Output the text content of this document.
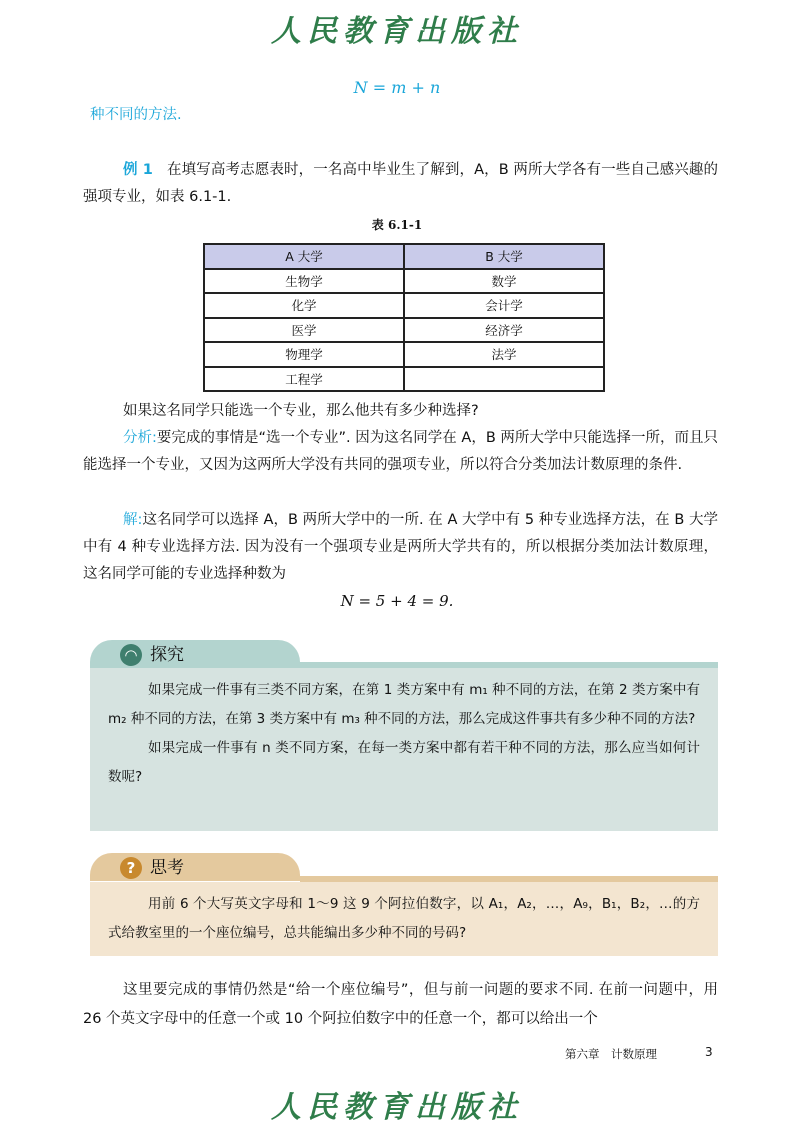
人民教育出版社
N = m + n
种不同的方法.
例 1 在填写高考志愿表时，一名高中毕业生了解到，A，B 两所大学各有一些自己感兴趣的强项专业，如表 6.1-1.
表 6.1-1
A 大学	B 大学
生物学	数学
化学	会计学
医学	经济学
物理学	法学
工程学	
如果这名同学只能选一个专业，那么他共有多少种选择?
分析:要完成的事情是“选一个专业”. 因为这名同学在 A，B 两所大学中只能选择一所，而且只能选择一个专业，又因为这两所大学没有共同的强项专业，所以符合分类加法计数原理的条件.
解:这名同学可以选择 A，B 两所大学中的一所. 在 A 大学中有 5 种专业选择方法，在 B 大学中有 4 种专业选择方法. 因为没有一个强项专业是两所大学共有的，所以根据分类加法计数原理，这名同学可能的专业选择种数为
N = 5 + 4 = 9.
◠ 探究
如果完成一件事有三类不同方案，在第 1 类方案中有 m₁ 种不同的方法，在第 2 类方案中有 m₂ 种不同的方法，在第 3 类方案中有 m₃ 种不同的方法，那么完成这件事共有多少种不同的方法?
如果完成一件事有 n 类不同方案，在每一类方案中都有若干种不同的方法，那么应当如何计数呢?
? 思考
用前 6 个大写英文字母和 1～9 这 9 个阿拉伯数字，以 A₁，A₂，…，A₉，B₁，B₂，…的方式给教室里的一个座位编号，总共能编出多少种不同的号码?
这里要完成的事情仍然是“给一个座位编号”，但与前一问题的要求不同. 在前一问题中，用 26 个英文字母中的任意一个或 10 个阿拉伯数字中的任意一个，都可以给出一个
第六章　计数原理	3
人民教育出版社
